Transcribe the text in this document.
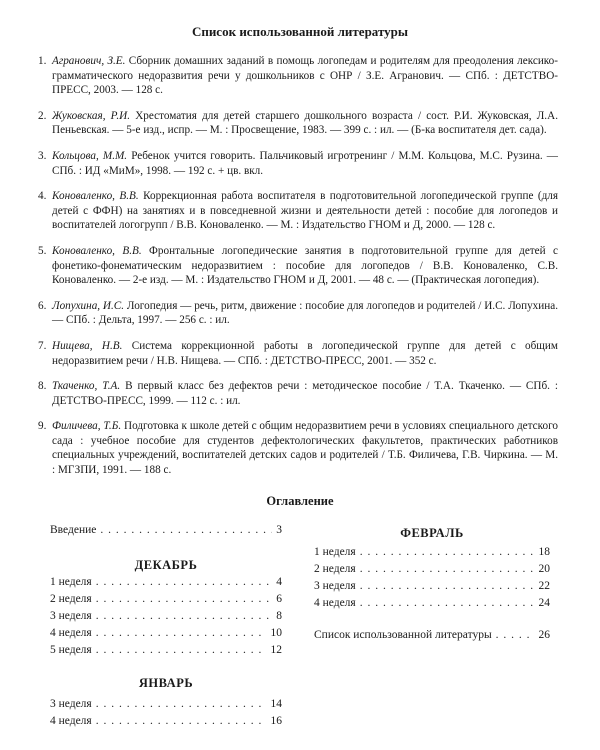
Список использованной литературы
1. Агранович, З.Е. Сборник домашних заданий в помощь логопедам и родителям для преодоления лексико-грамматического недоразвития речи у дошкольников с ОНР / З.Е. Агранович. — СПб. : ДЕТСТВО-ПРЕСС, 2003. — 128 с.
2. Жуковская, Р.И. Хрестоматия для детей старшего дошкольного возраста / сост. Р.И. Жуковская, Л.А. Пеньевская. — 5-е изд., испр. — М. : Просвещение, 1983. — 399 с. : ил. — (Б-ка воспитателя дет. сада).
3. Кольцова, М.М. Ребенок учится говорить. Пальчиковый игротренинг / М.М. Кольцова, М.С. Рузина. — СПб. : ИД «МиМ», 1998. — 192 с. + цв. вкл.
4. Коноваленко, В.В. Коррекционная работа воспитателя в подготовительной логопедической группе (для детей с ФФН) на занятиях и в повседневной жизни и деятельности детей : пособие для логопедов и воспитателей логогрупп / В.В. Коноваленко. — М. : Издательство ГНОМ и Д, 2000. — 128 с.
5. Коноваленко, В.В. Фронтальные логопедические занятия в подготовительной группе для детей с фонетико-фонематическим недоразвитием : пособие для логопедов / В.В. Коноваленко, С.В. Коноваленко. — 2-е изд. — М. : Издательство ГНОМ и Д, 2001. — 48 с. — (Практическая логопедия).
6. Лопухина, И.С. Логопедия — речь, ритм, движение : пособие для логопедов и родителей / И.С. Лопухина. — СПб. : Дельта, 1997. — 256 с. : ил.
7. Нищева, Н.В. Система коррекционной работы в логопедической группе для детей с общим недоразвитием речи / Н.В. Нищева. — СПб. : ДЕТСТВО-ПРЕСС, 2001. — 352 с.
8. Ткаченко, Т.А. В первый класс без дефектов речи : методическое пособие / Т.А. Ткаченко. — СПб. : ДЕТСТВО-ПРЕСС, 1999. — 112 с. : ил.
9. Филичева, Т.Б. Подготовка к школе детей с общим недоразвитием речи в условиях специального детского сада : учебное пособие для студентов дефектологических факультетов, практических работников специальных учреждений, воспитателей детских садов и родителей / Т.Б. Филичева, Г.В. Чиркина. — М. : МГЗПИ, 1991. — 188 с.
Оглавление
Введение . . .	3
ДЕКАБРЬ
1 неделя . . .	4
2 неделя . . .	6
3 неделя . . .	8
4 неделя . . .	10
5 неделя . . .	12
ЯНВАРЬ
3 неделя . . .	14
4 неделя . . .	16
ФЕВРАЛЬ
1 неделя . . .	18
2 неделя . . .	20
3 неделя . . .	22
4 неделя . . .	24
Список использованной литературы . . .	26
